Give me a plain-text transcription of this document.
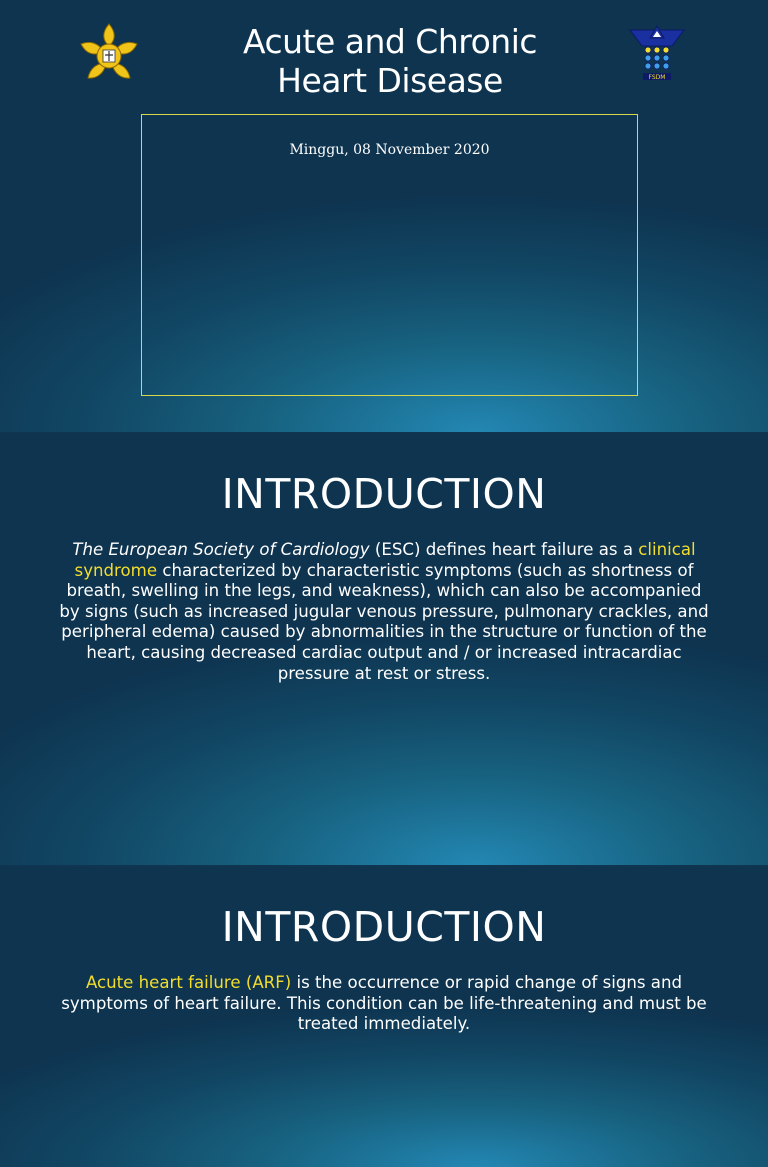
Acute and Chronic
Heart Disease	FSDM
Minggu, 08 November 2020
INTRODUCTION
The European Society of Cardiology (ESC) defines heart failure as a clinical syndrome characterized by characteristic symptoms (such as shortness of breath, swelling in the legs, and weakness), which can also be accompanied by signs (such as increased jugular venous pressure, pulmonary crackles, and peripheral edema) caused by abnormalities in the structure or function of the heart, causing decreased cardiac output and / or increased intracardiac pressure at rest or stress.
INTRODUCTION
Acute heart failure (ARF) is the occurrence or rapid change of signs and symptoms of heart failure. This condition can be life-threatening and must be treated immediately.
